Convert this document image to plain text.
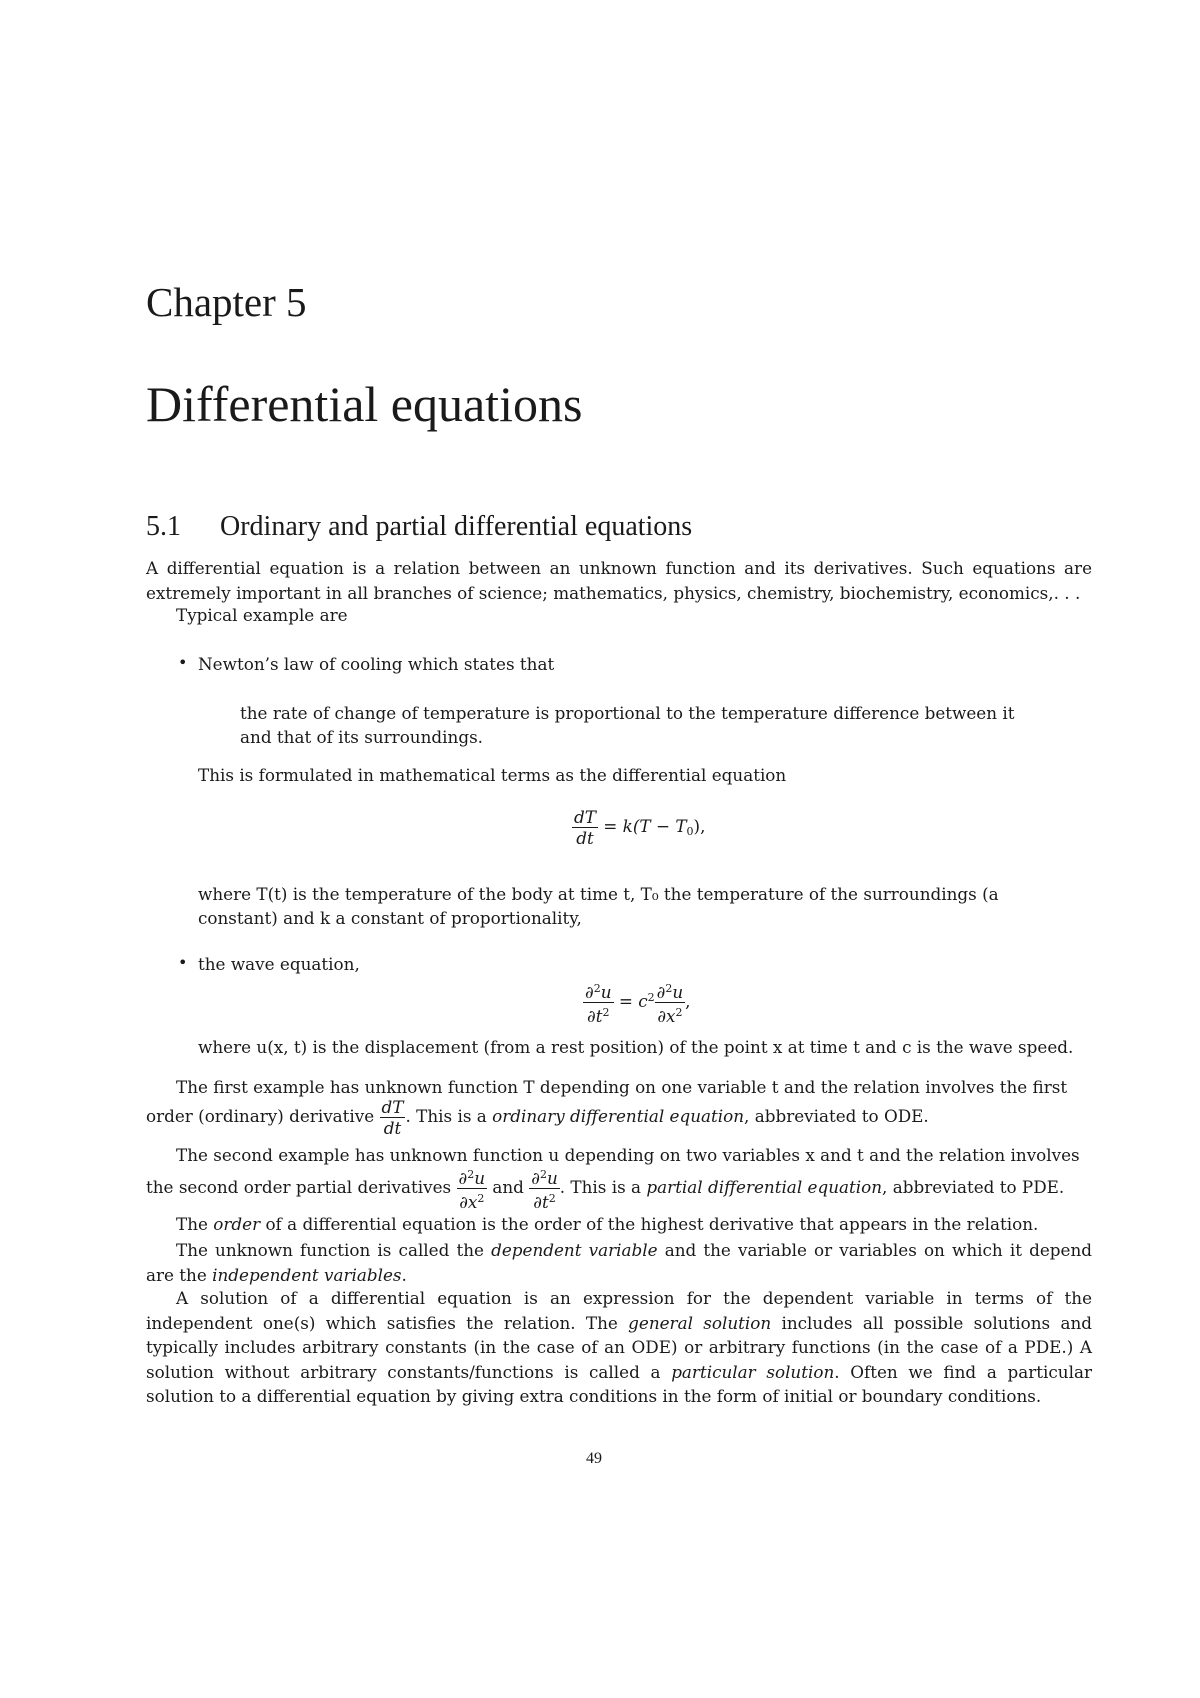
Chapter 5
Differential equations
5.1 Ordinary and partial differential equations
A differential equation is a relation between an unknown function and its derivatives. Such equations are extremely important in all branches of science; mathematics, physics, chemistry, biochemistry, economics,. . .
Typical example are
• Newton’s law of cooling which states that
the rate of change of temperature is proportional to the temperature difference between it
and that of its surroundings.
This is formulated in mathematical terms as the differential equation
$\frac{dT}{dt} = k(T - T_0)$,
where T(t) is the temperature of the body at time t, T₀ the temperature of the surroundings (a
constant) and k a constant of proportionality,
• the wave equation,
$\frac{\partial^2u}{\partial t^2} = c^2 \frac{\partial^2u}{\partial x^2}$ ,
where u(x, t) is the displacement (from a rest position) of the point x at time t and c is the wave speed.
The first example has unknown function T depending on one variable t and the relation involves the first
order (ordinary) derivative $\frac{dT}{dt}$ . This is a ordinary differential equation, abbreviated to ODE.
The second example has unknown function u depending on two variables x and t and the relation involves
the second order partial derivatives $\frac{\partial^2u}{\partial x^2}$ and $\frac{\partial^2u}{\partial t^2}$ . This is a partial differential equation, abbreviated to PDE.
The order of a differential equation is the order of the highest derivative that appears in the relation.
The unknown function is called the dependent variable and the variable or variables on which it depend are the independent variables.
A solution of a differential equation is an expression for the dependent variable in terms of the independent one(s) which satisfies the relation. The general solution includes all possible solutions and typically includes arbitrary constants (in the case of an ODE) or arbitrary functions (in the case of a PDE.) A solution without arbitrary constants/functions is called a particular solution. Often we find a particular solution to a differential equation by giving extra conditions in the form of initial or boundary conditions.
49
